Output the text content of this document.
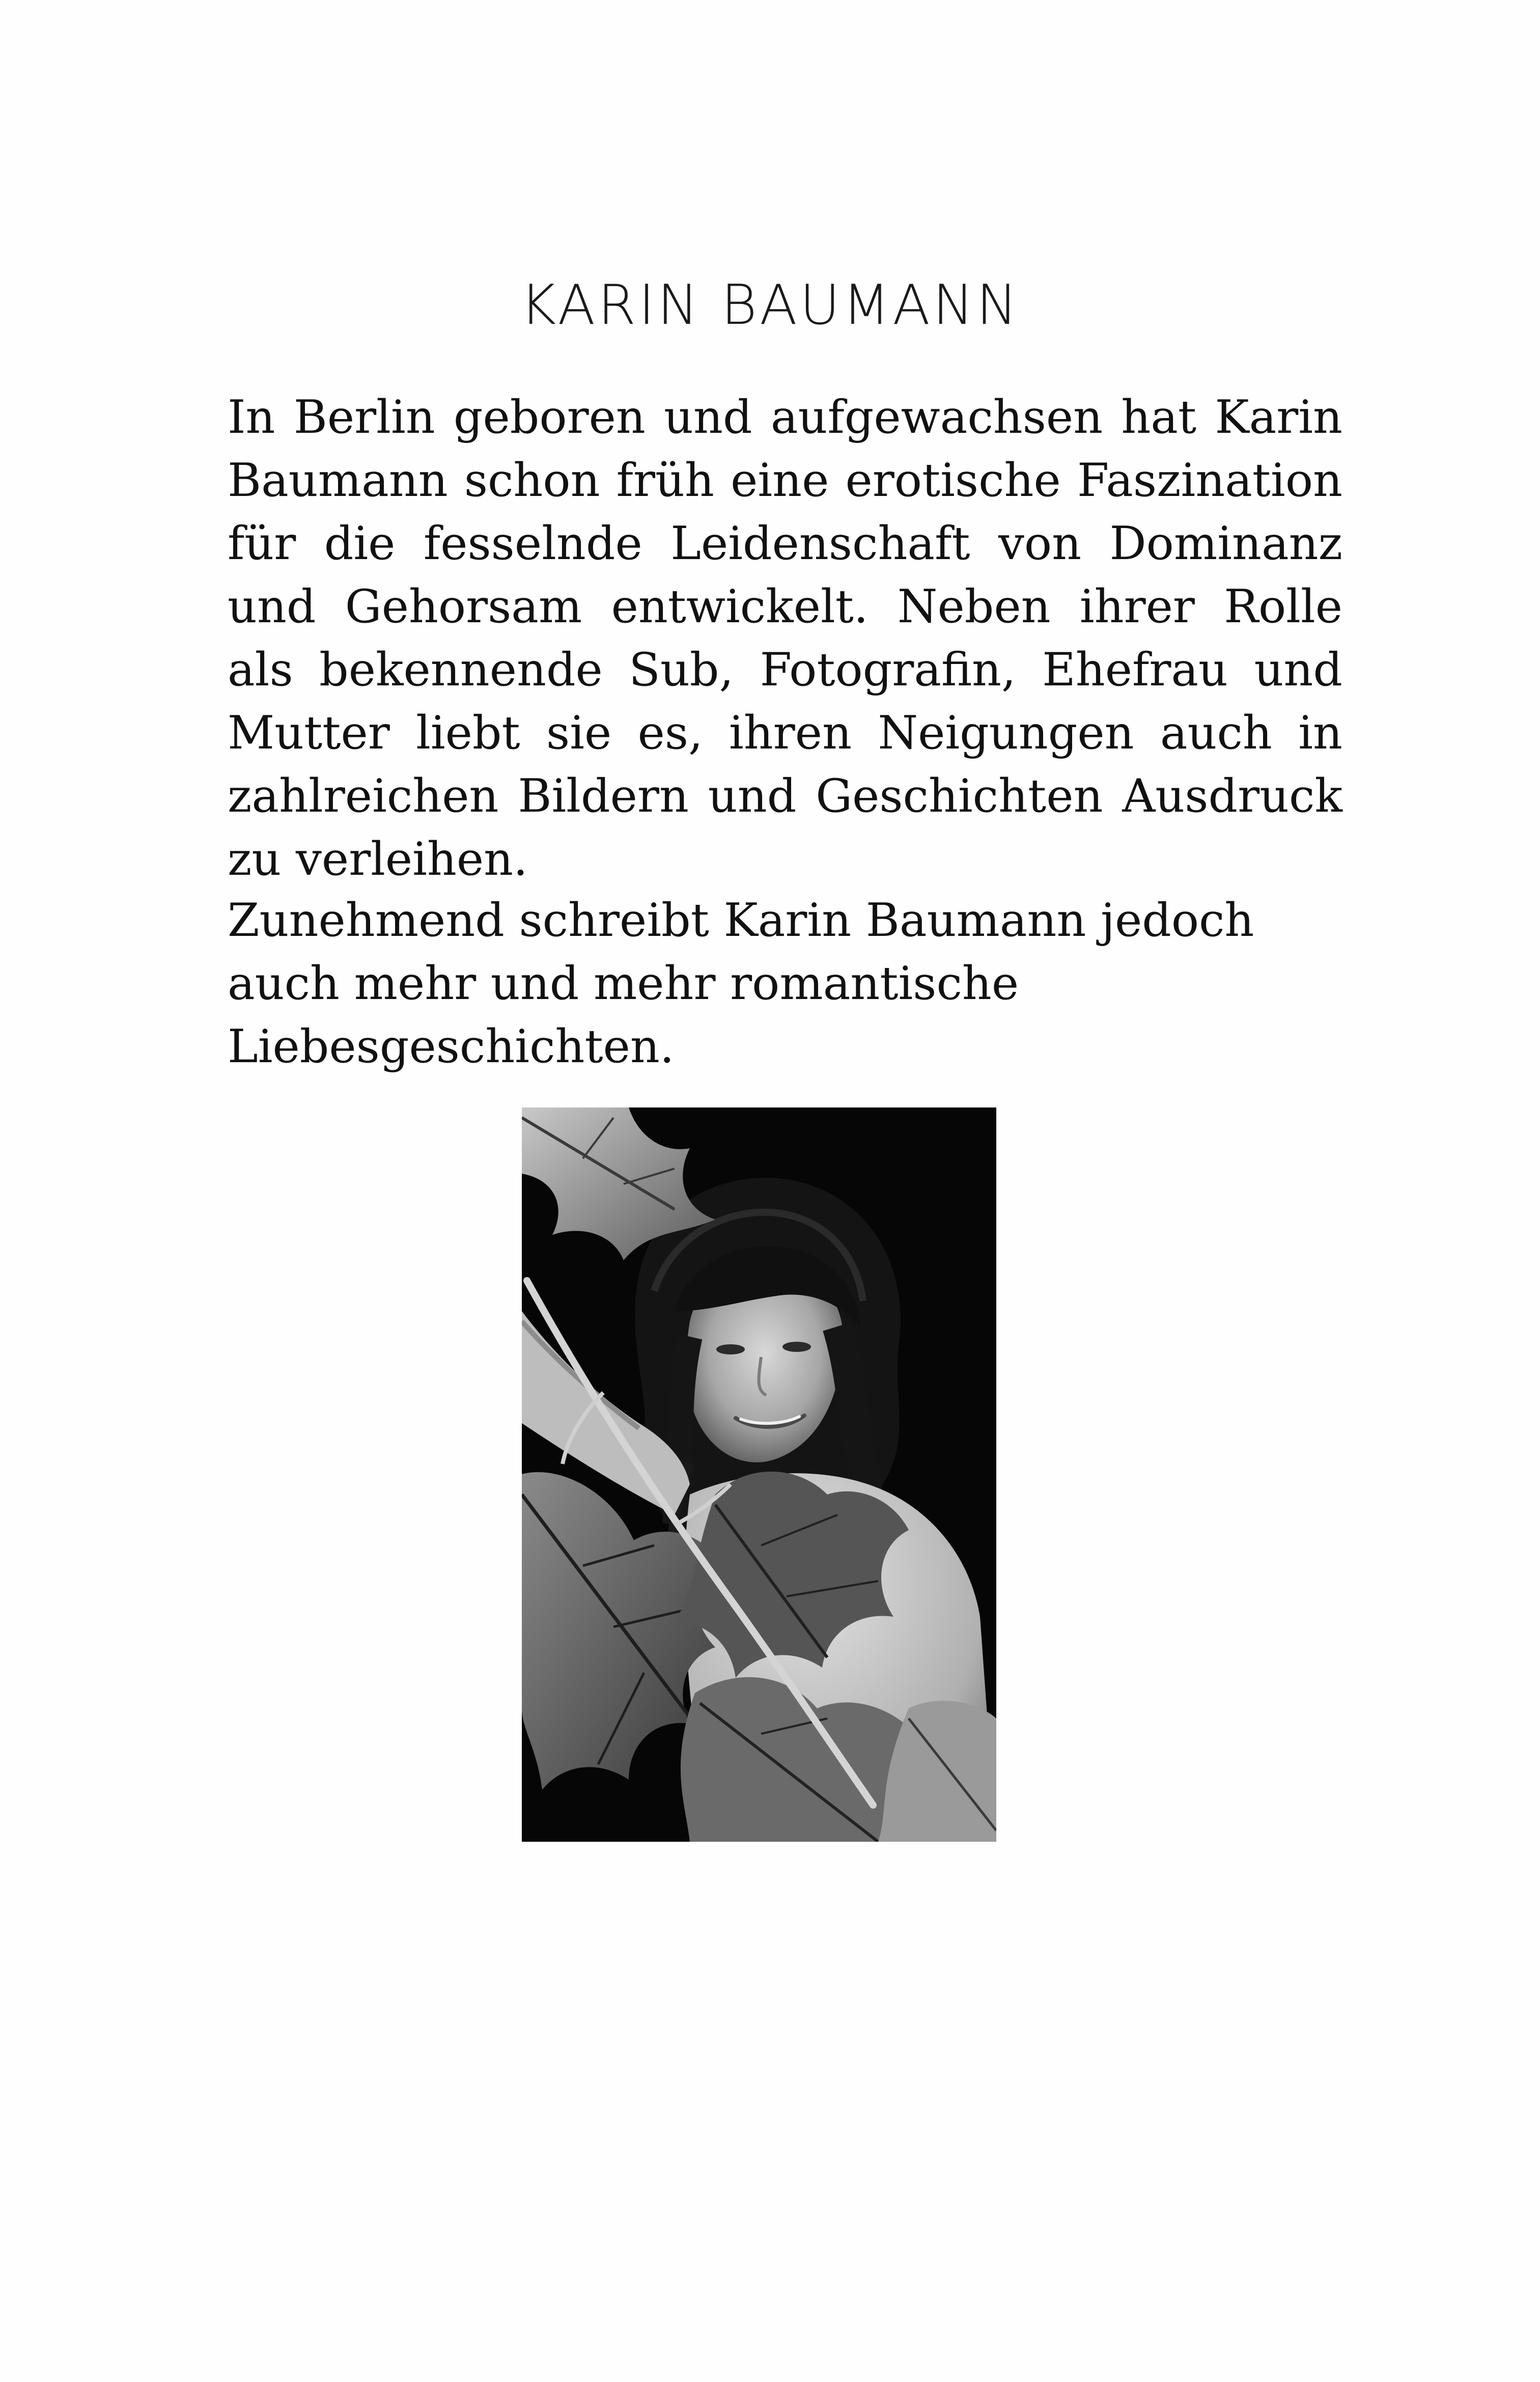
KARIN BAUMANN

In Berlin geboren und aufgewachsen hat Karin Baumann schon früh eine erotische Faszination für die fesselnde Leidenschaft von Dominanz und Gehorsam entwickelt. Neben ihrer Rolle als bekennende Sub, Fotografin, Ehefrau und Mutter liebt sie es, ihren Neigungen auch in zahlreichen Bildern und Geschichten Ausdruck zu verleihen.

Zunehmend schreibt Karin Baumann jedoch auch mehr und mehr romantische Liebesgeschichten.
